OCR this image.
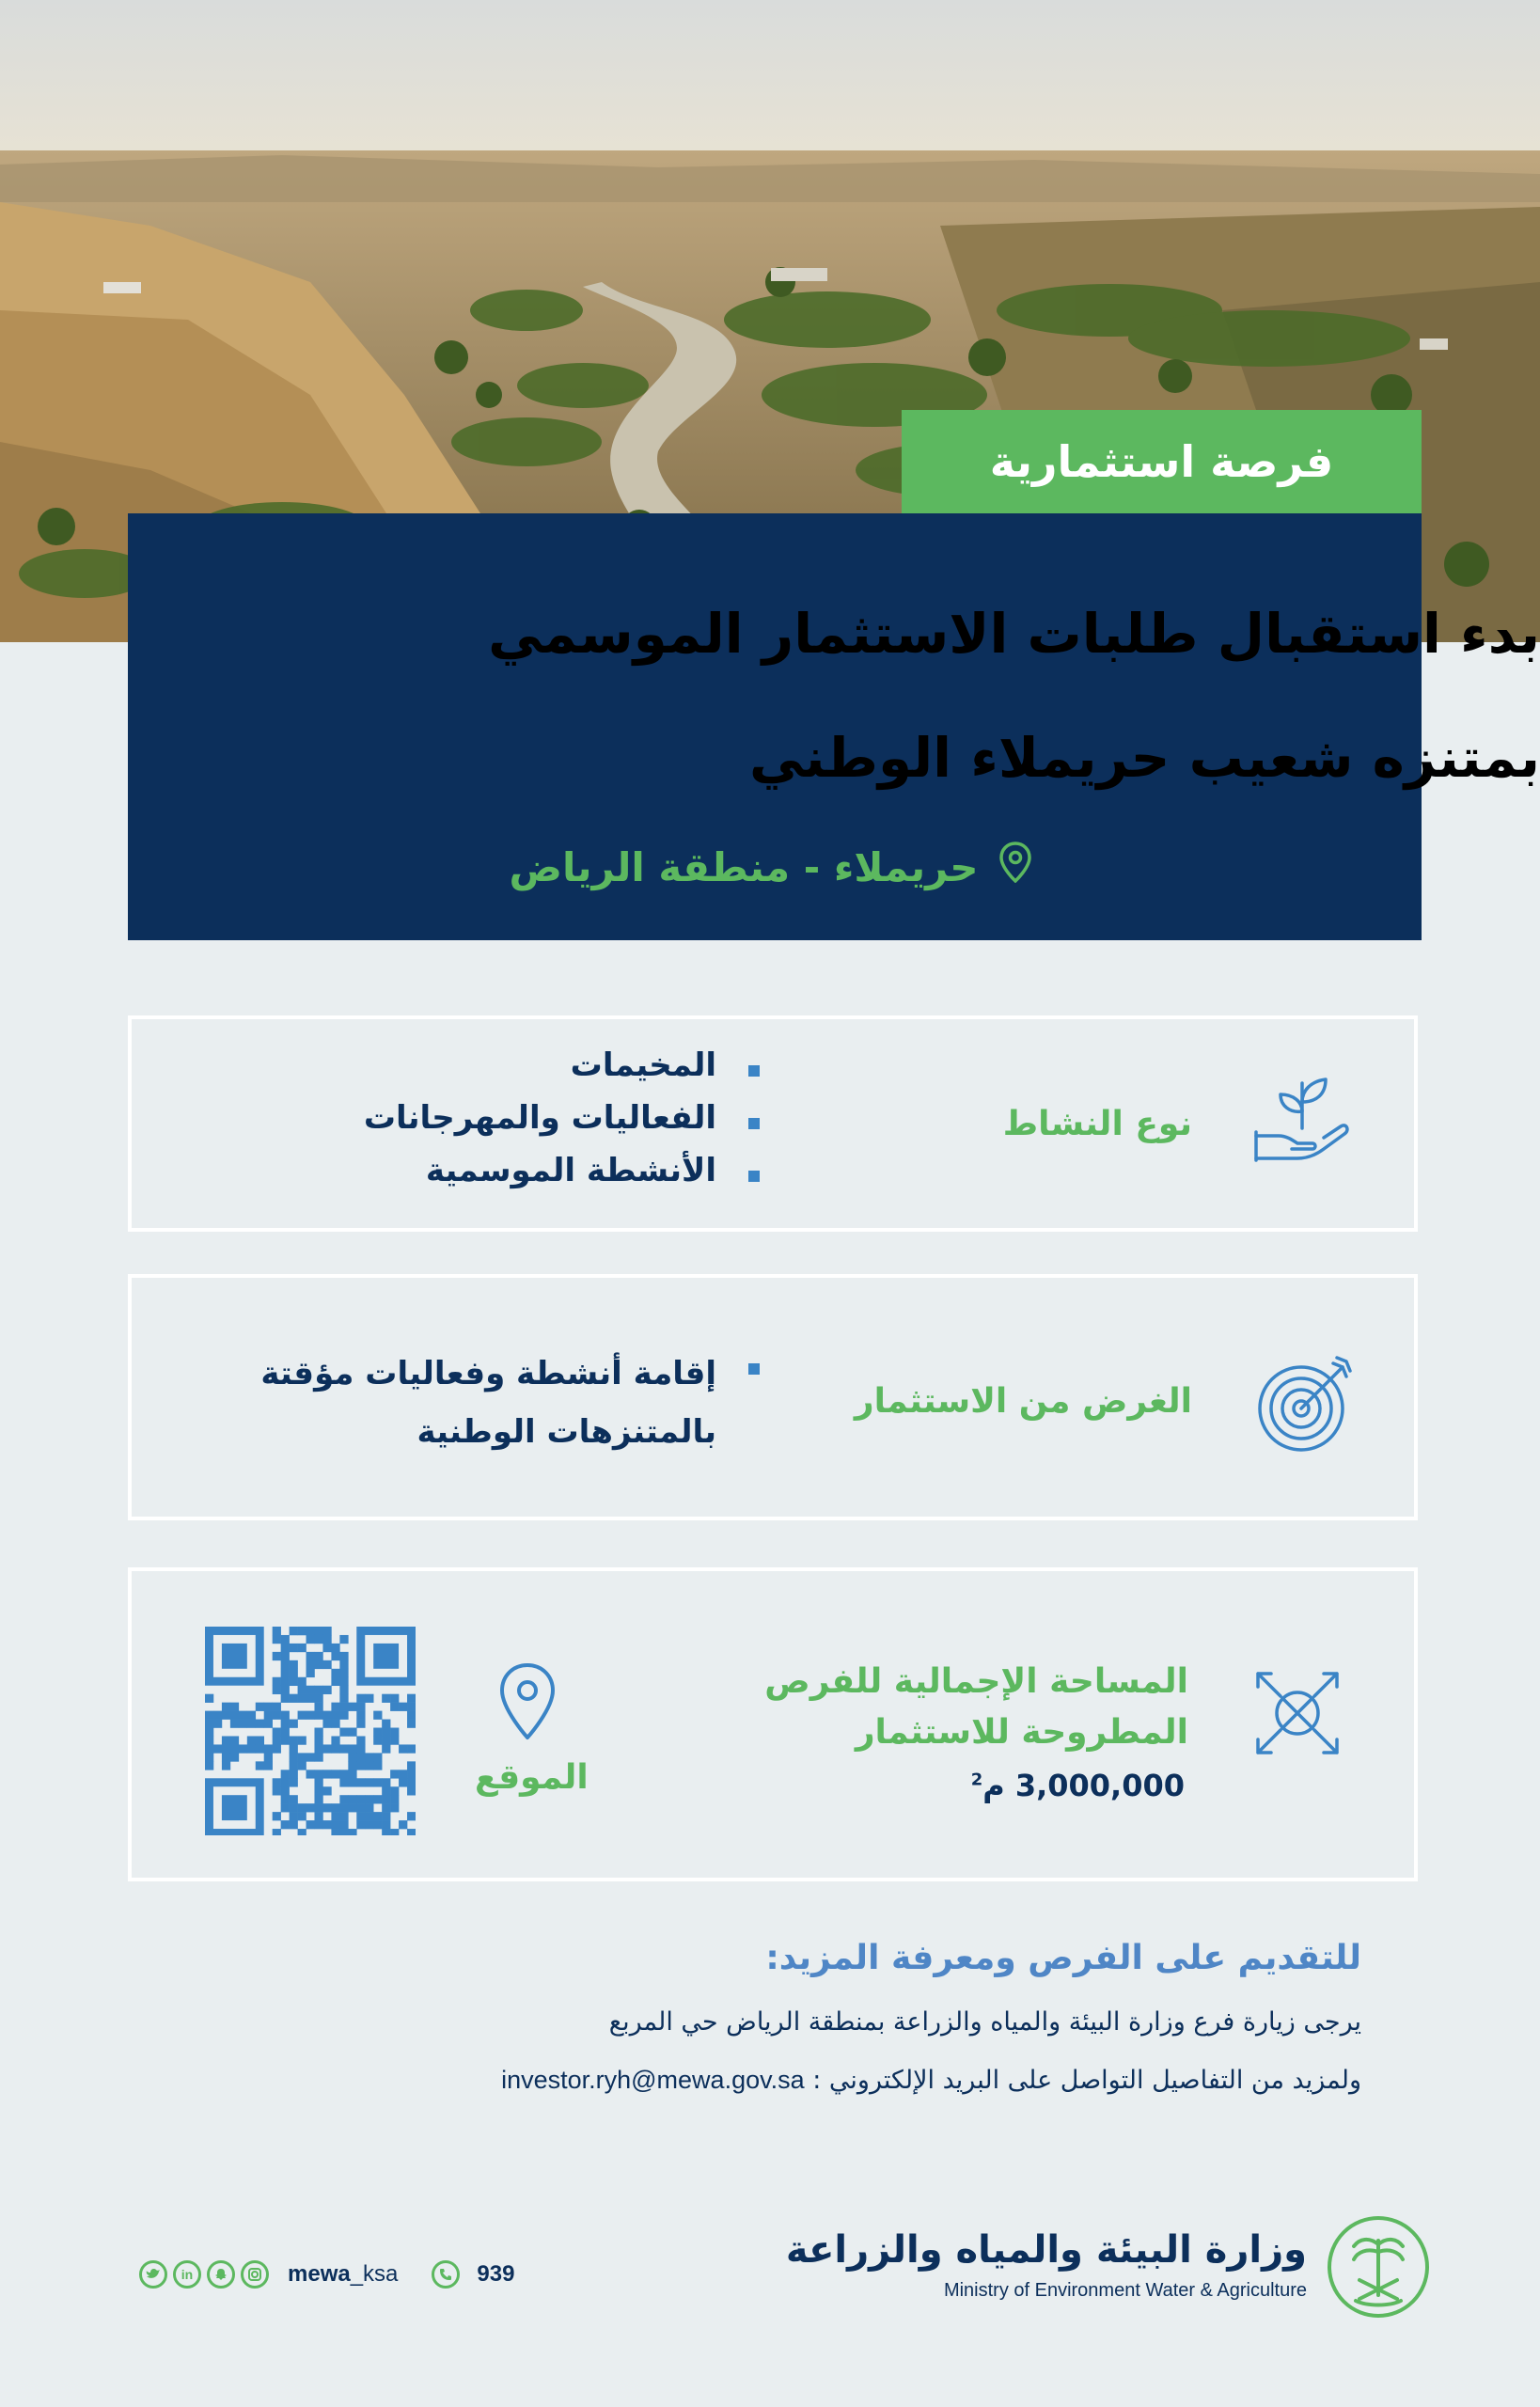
فرصة استثمارية
بدء استقبال طلبات الاستثمار الموسمي
بمتنزه شعيب حريملاء الوطني
حريملاء - منطقة الرياض
نوع النشاط
المخيمات
الفعاليات والمهرجانات
الأنشطة الموسمية
الغرض من الاستثمار
إقامة أنشطة وفعاليات مؤقتة بالمتنزهات الوطنية
المساحة الإجمالية للفرص
المطروحة للاستثمار
3,000,000 م$^2$
الموقع
للتقديم على الفرص ومعرفة المزيد:
يرجى زيارة فرع وزارة البيئة والمياه والزراعة بمنطقة الرياض حي المربع
ولمزيد من التفاصيل التواصل على البريد الإلكتروني : investor.ryh@mewa.gov.sa
وزارة البيئة والمياه والزراعة
Ministry of Environment Water & Agriculture
in	mewa_ksa	939
